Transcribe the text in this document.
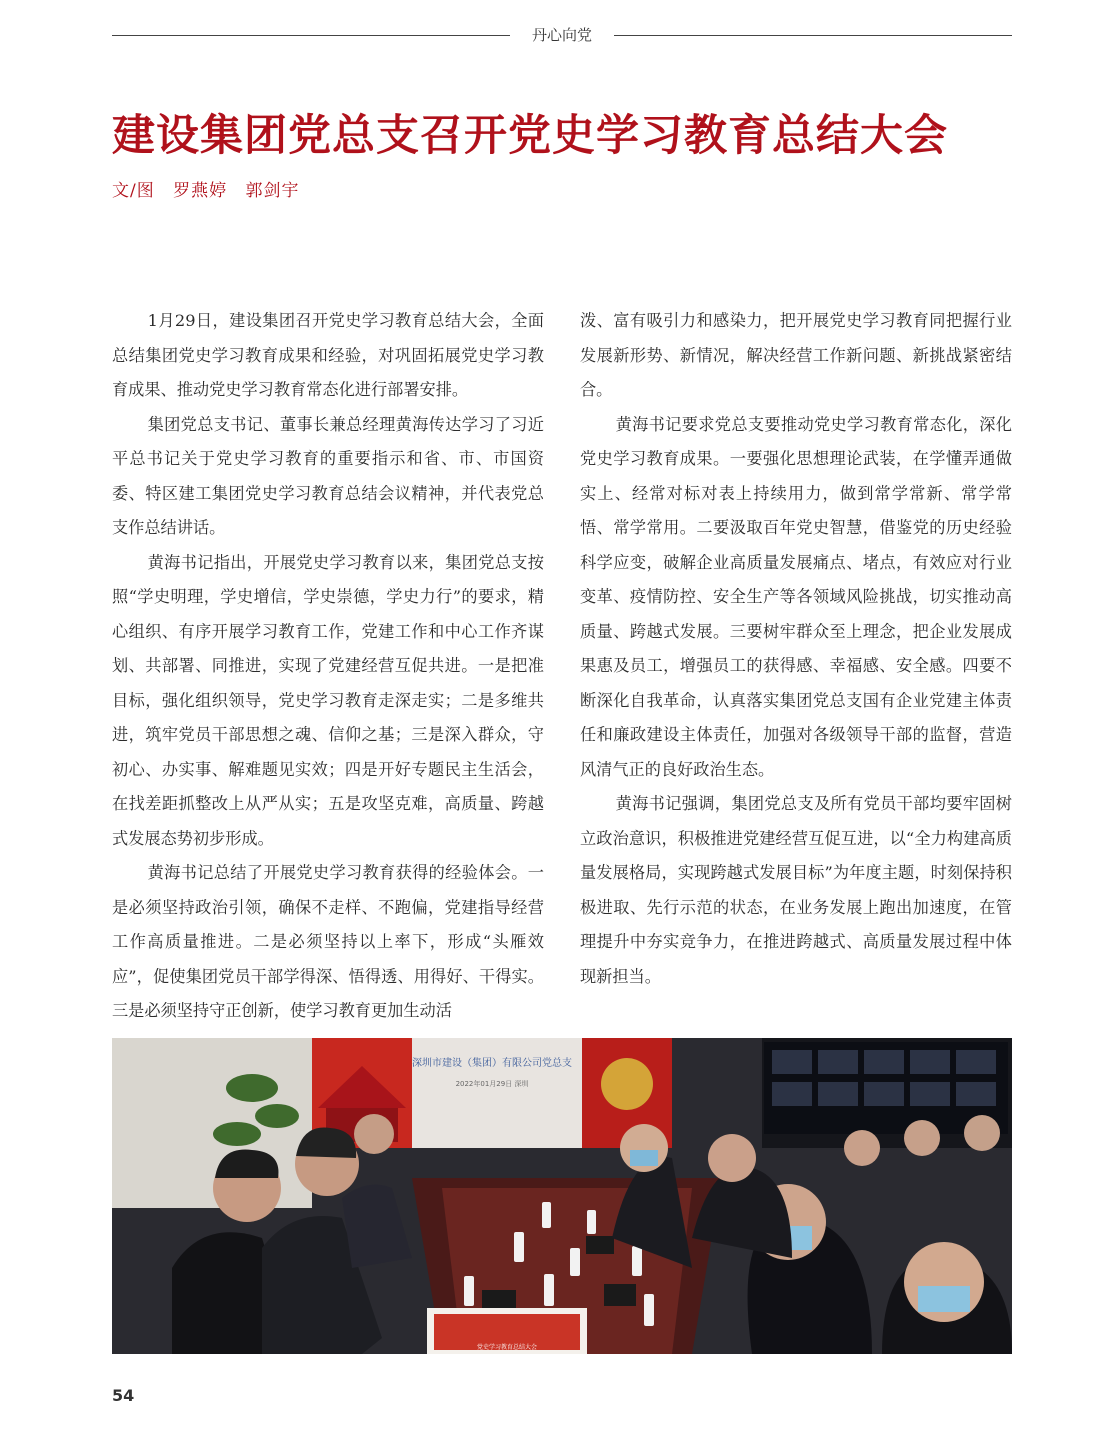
丹心向党
建设集团党总支召开党史学习教育总结大会
文/图 罗燕婷 郭剑宇

1月29日，建设集团召开党史学习教育总结大会，全面总结集团党史学习教育成果和经验，对巩固拓展党史学习教育成果、推动党史学习教育常态化进行部署安排。

集团党总支书记、董事长兼总经理黄海传达学习了习近平总书记关于党史学习教育的重要指示和省、市、市国资委、特区建工集团党史学习教育总结会议精神，并代表党总支作总结讲话。

黄海书记指出，开展党史学习教育以来，集团党总支按照“学史明理，学史增信，学史崇德，学史力行”的要求，精心组织、有序开展学习教育工作，党建工作和中心工作齐谋划、共部署、同推进，实现了党建经营互促共进。一是把准目标，强化组织领导，党史学习教育走深走实；二是多维共进，筑牢党员干部思想之魂、信仰之基；三是深入群众，守初心、办实事、解难题见实效；四是开好专题民主生活会，在找差距抓整改上从严从实；五是攻坚克难，高质量、跨越式发展态势初步形成。

黄海书记总结了开展党史学习教育获得的经验体会。一是必须坚持政治引领，确保不走样、不跑偏，党建指导经营工作高质量推进。二是必须坚持以上率下，形成“头雁效应”，促使集团党员干部学得深、悟得透、用得好、干得实。三是必须坚持守正创新，使学习教育更加生动活

泼、富有吸引力和感染力，把开展党史学习教育同把握行业发展新形势、新情况，解决经营工作新问题、新挑战紧密结合。

黄海书记要求党总支要推动党史学习教育常态化，深化党史学习教育成果。一要强化思想理论武装，在学懂弄通做实上、经常对标对表上持续用力，做到常学常新、常学常悟、常学常用。二要汲取百年党史智慧，借鉴党的历史经验科学应变，破解企业高质量发展痛点、堵点，有效应对行业变革、疫情防控、安全生产等各领域风险挑战，切实推动高质量、跨越式发展。三要树牢群众至上理念，把企业发展成果惠及员工，增强员工的获得感、幸福感、安全感。四要不断深化自我革命，认真落实集团党总支国有企业党建主体责任和廉政建设主体责任，加强对各级领导干部的监督，营造风清气正的良好政治生态。

黄海书记强调，集团党总支及所有党员干部均要牢固树立政治意识，积极推进党建经营互促互进，以“全力构建高质量发展格局，实现跨越式发展目标”为年度主题，时刻保持积极进取、先行示范的状态，在业务发展上跑出加速度，在管理提升中夯实竞争力，在推进跨越式、高质量发展过程中体现新担当。

深圳市建设（集团）有限公司党总支
2022年01月29日 深圳
党史学习教育总结大会
54
